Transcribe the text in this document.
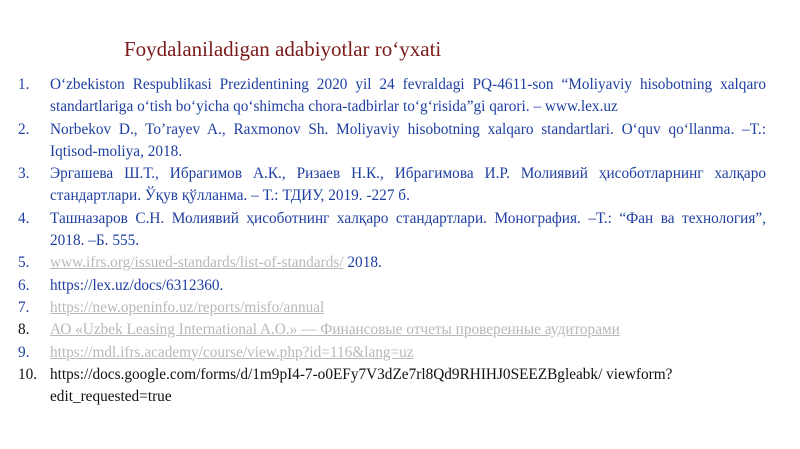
Foydalaniladigan adabiyotlar ro‘yxati
1.	O‘zbekiston Respublikasi Prezidentining 2020 yil 24 fevraldagi PQ-4611-son “Moliyaviy hisobotning xalqaro standartlariga o‘tish bo‘yicha qo‘shimcha chora-tadbirlar to‘g‘risida”gi qarori. – www.lex.uz
2.	Norbekov D., To’rayev A., Raxmonov Sh. Moliyaviy hisobotning xalqaro standartlari. O‘quv qo‘llanma. –T.: Iqtisod-moliya, 2018.
3.	Эргашева Ш.Т., Ибрагимов А.К., Ризаев Н.К., Ибрагимова И.Р. Молиявий ҳисоботларнинг халқаро стандартлари. Ўқув қўлланма. – Т.: ТДИУ, 2019. -227 б.
4.	Ташназаров С.Н. Молиявий ҳисоботнинг халқаро стандартлари. Монография. –Т.: “Фан ва технология”, 2018. –Б. 555.
5.	www.ifrs.org/issued-standards/list-of-standards/ 2018.
6.	https://lex.uz/docs/6312360.
7.	https://new.openinfo.uz/reports/misfo/annual
8.	АО «Uzbek Leasing International A.O.» — Финансовые отчеты проверенные аудиторами
9.	https://mdl.ifrs.academy/course/view.php?id=116&lang=uz
10. https://docs.google.com/forms/d/1m9pI4-7-o0EFy7V3dZe7rl8Qd9RHIHJ0SEEZBgleabk/ viewform?edit_requested=true
